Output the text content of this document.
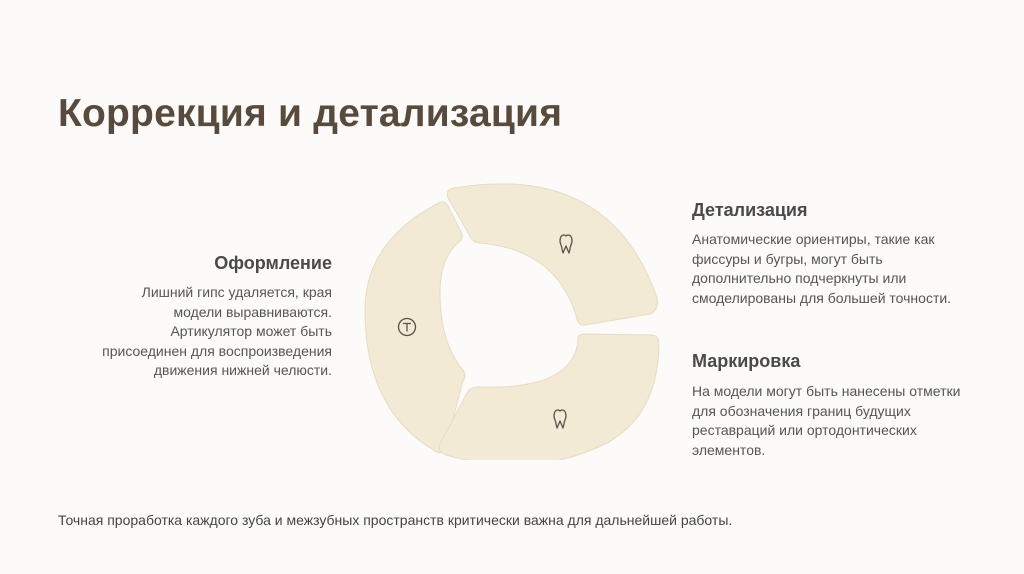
Коррекция и детализация
Оформление

Лишний гипс удаляется, края модели выравниваются. Артикулятор может быть присоединен для воспроизведения движения нижней челюсти.

Детализация

Анатомические ориентиры, такие как фиссуры и бугры, могут быть дополнительно подчеркнуты или смоделированы для большей точности.

Маркировка

На модели могут быть нанесены отметки для обозначения границ будущих реставраций или ортодонтических элементов.

Точная проработка каждого зуба и межзубных пространств критически важна для дальнейшей работы.
